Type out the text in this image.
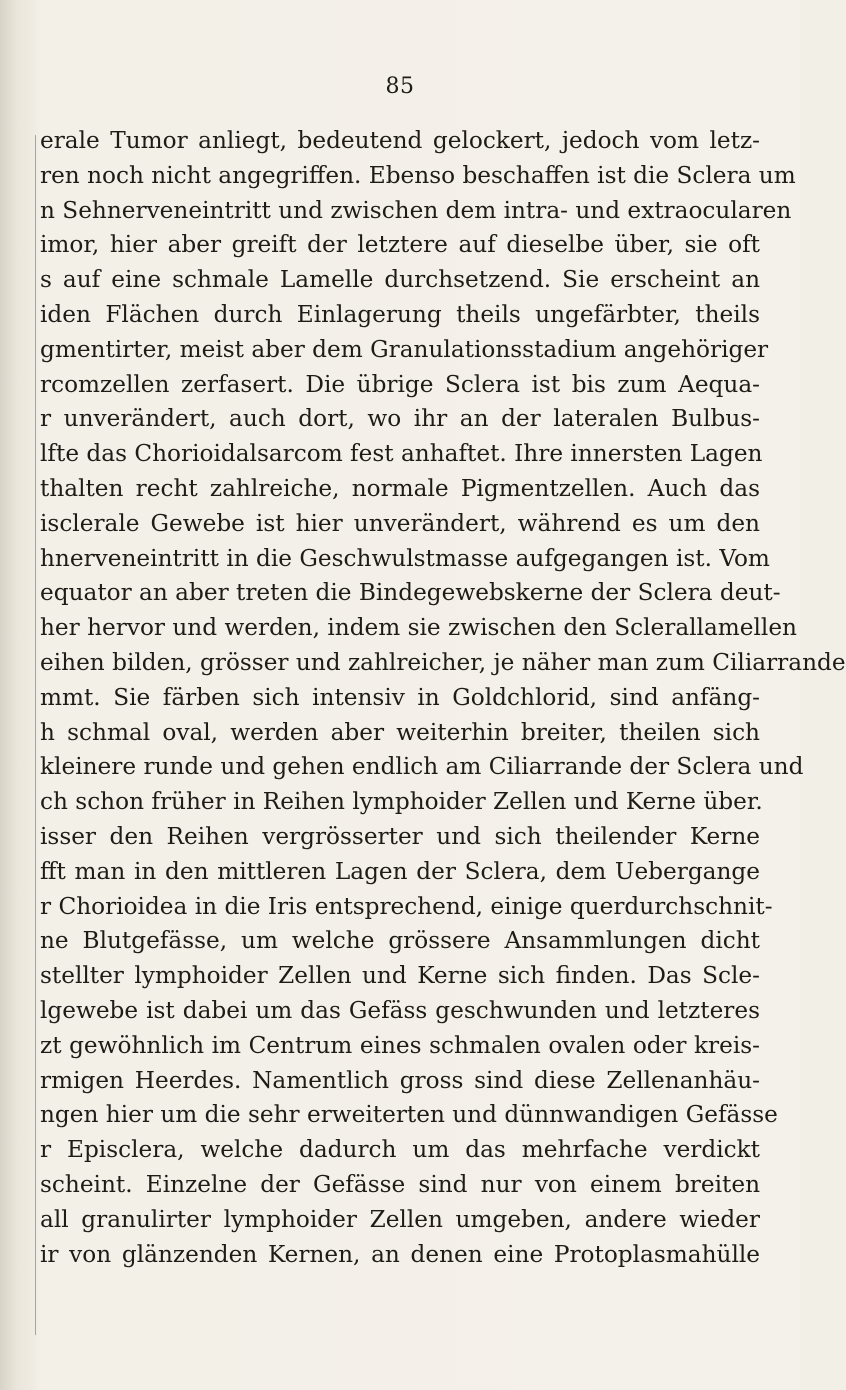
85
erale Tumor anliegt, bedeutend gelockert, jedoch vom letz-
ren noch nicht angegriffen. Ebenso beschaffen ist die Sclera um
n Sehnerveneintritt und zwischen dem intra- und extraocularen
imor, hier aber greift der letztere auf dieselbe über, sie oft
s auf eine schmale Lamelle durchsetzend. Sie erscheint an
iden Flächen durch Einlagerung theils ungefärbter, theils
gmentirter, meist aber dem Granulationsstadium angehöriger
rcomzellen zerfasert. Die übrige Sclera ist bis zum Aequa-
r unverändert, auch dort, wo ihr an der lateralen Bulbus-
lfte das Chorioidalsarcom fest anhaftet. Ihre innersten Lagen
thalten recht zahlreiche, normale Pigmentzellen. Auch das
isclerale Gewebe ist hier unverändert, während es um den
hnerveneintritt in die Geschwulstmasse aufgegangen ist. Vom
equator an aber treten die Bindegewebskerne der Sclera deut-
her hervor und werden, indem sie zwischen den Sclerallamellen
eihen bilden, grösser und zahlreicher, je näher man zum Ciliarrande
mmt. Sie färben sich intensiv in Goldchlorid, sind anfäng-
h schmal oval, werden aber weiterhin breiter, theilen sich
kleinere runde und gehen endlich am Ciliarrande der Sclera und
ch schon früher in Reihen lymphoider Zellen und Kerne über.
isser den Reihen vergrösserter und sich theilender Kerne
fft man in den mittleren Lagen der Sclera, dem Uebergange
r Chorioidea in die Iris entsprechend, einige querdurchschnit-
ne Blutgefässe, um welche grössere Ansammlungen dicht
stellter lymphoider Zellen und Kerne sich finden. Das Scle-
lgewebe ist dabei um das Gefäss geschwunden und letzteres
zt gewöhnlich im Centrum eines schmalen ovalen oder kreis-
rmigen Heerdes. Namentlich gross sind diese Zellenanhäu-
ngen hier um die sehr erweiterten und dünnwandigen Gefässe
r Episclera, welche dadurch um das mehrfache verdickt
scheint. Einzelne der Gefässe sind nur von einem breiten
all granulirter lymphoider Zellen umgeben, andere wieder
ir von glänzenden Kernen, an denen eine Protoplasmahülle
